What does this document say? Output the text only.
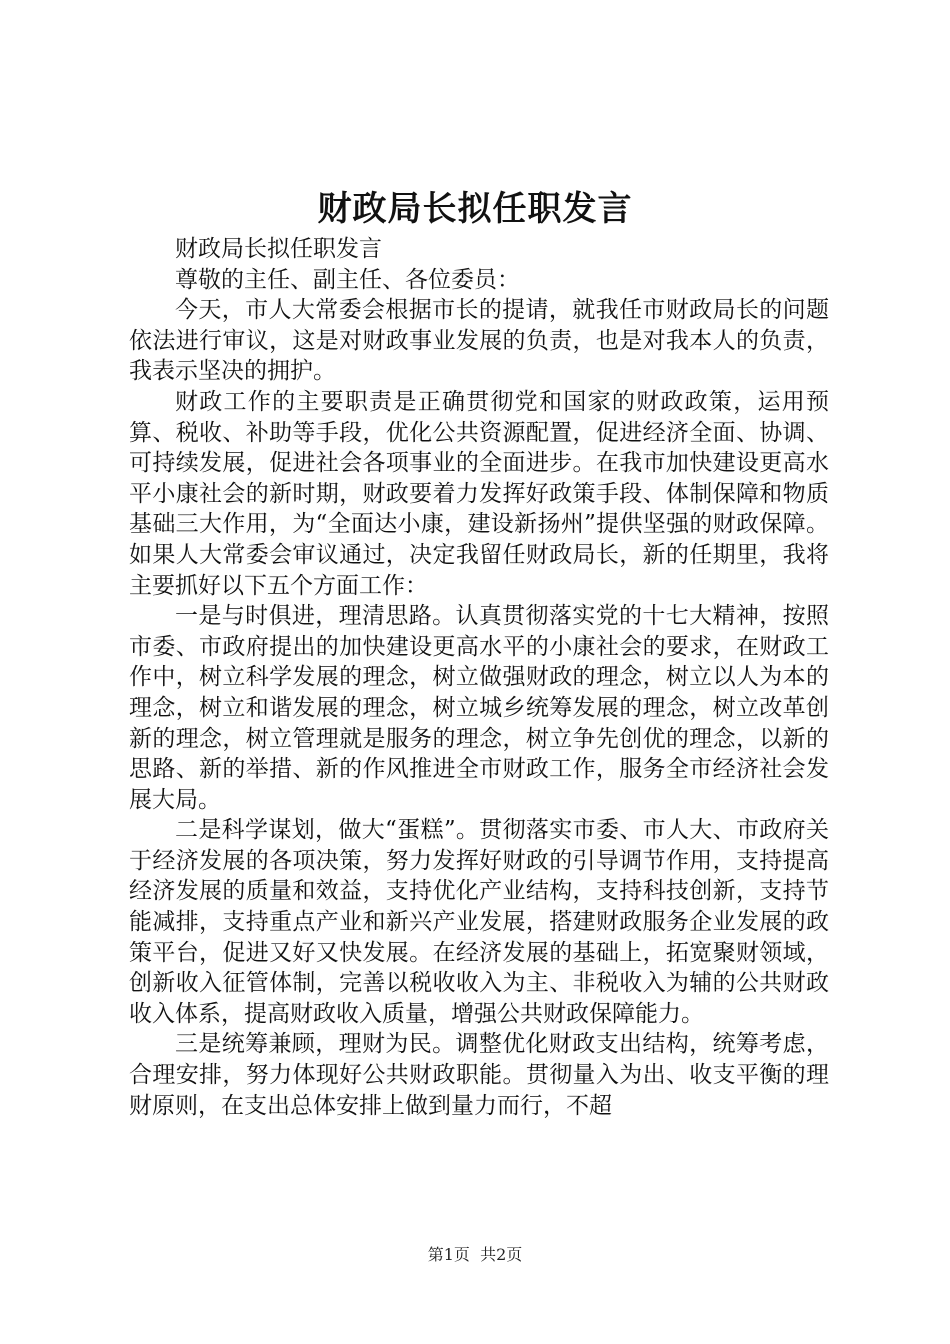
财政局长拟任职发言

财政局长拟任职发言

尊敬的主任、副主任、各位委员：

今天，市人大常委会根据市长的提请，就我任市财政局长的问题依法进行审议，这是对财政事业发展的负责，也是对我本人的负责，我表示坚决的拥护。

财政工作的主要职责是正确贯彻党和国家的财政政策，运用预算、税收、补助等手段，优化公共资源配置，促进经济全面、协调、可持续发展，促进社会各项事业的全面进步。在我市加快建设更高水平小康社会的新时期，财政要着力发挥好政策手段、体制保障和物质基础三大作用，为“全面达小康，建设新扬州”提供坚强的财政保障。如果人大常委会审议通过，决定我留任财政局长，新的任期里，我将主要抓好以下五个方面工作：

一是与时俱进，理清思路。认真贯彻落实党的十七大精神，按照市委、市政府提出的加快建设更高水平的小康社会的要求，在财政工作中，树立科学发展的理念，树立做强财政的理念，树立以人为本的理念，树立和谐发展的理念，树立城乡统筹发展的理念，树立改革创新的理念，树立管理就是服务的理念，树立争先创优的理念，以新的思路、新的举措、新的作风推进全市财政工作，服务全市经济社会发展大局。

二是科学谋划，做大“蛋糕”。贯彻落实市委、市人大、市政府关于经济发展的各项决策，努力发挥好财政的引导调节作用，支持提高经济发展的质量和效益，支持优化产业结构，支持科技创新，支持节能减排，支持重点产业和新兴产业发展，搭建财政服务企业发展的政策平台，促进又好又快发展。在经济发展的基础上，拓宽聚财领域，创新收入征管体制，完善以税收收入为主、非税收入为辅的公共财政收入体系，提高财政收入质量，增强公共财政保障能力。

三是统筹兼顾，理财为民。调整优化财政支出结构，统筹考虑，合理安排，努力体现好公共财政职能。贯彻量入为出、收支平衡的理财原则，在支出总体安排上做到量力而行，不超

第1页 共2页
